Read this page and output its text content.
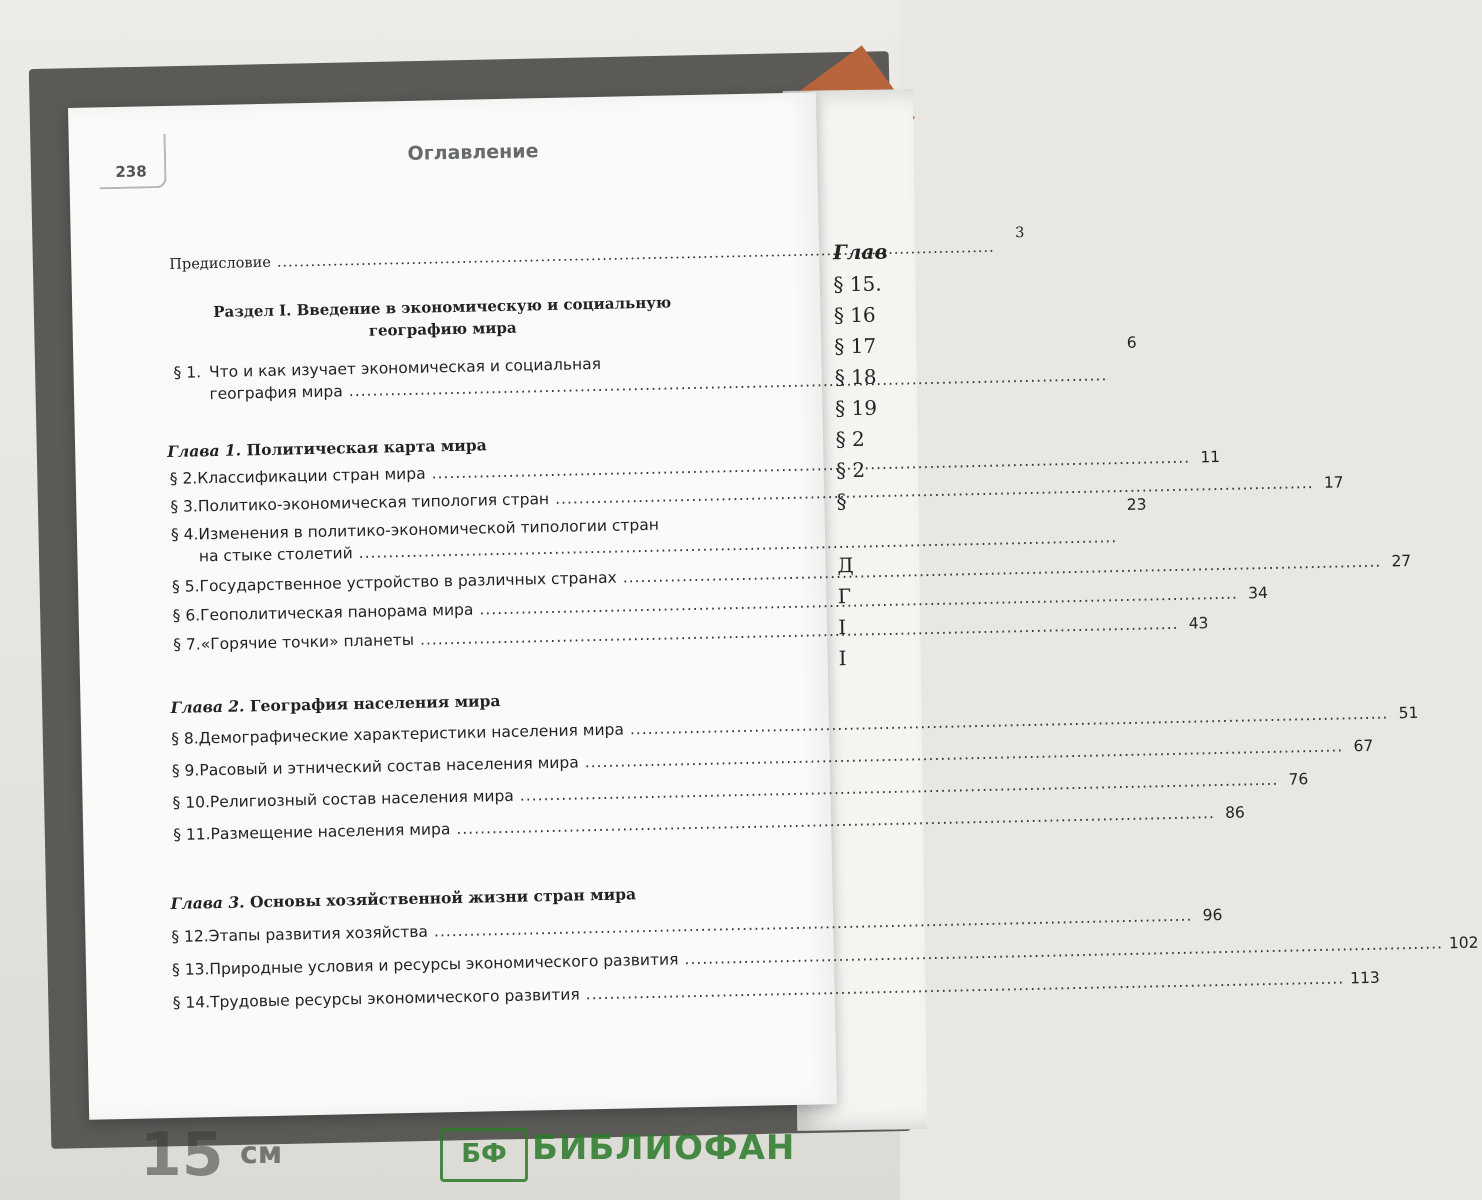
Глав
§ 15.
§ 16
§ 17
§ 18
§ 19
§ 2
§ 2
§
Д
Г
I
I
238
Оглавление
Предисловие
.....
3
Раздел I. Введение в экономическую и социальную
географию мира
§ 1. Что и как изучает экономическая и социальная
география мира
.....
6
Глава 1. Политическая карта мира
§ 2. Классификации стран мира
.....
11
§ 3. Политико-экономическая типология стран
.....
17
§ 4. Изменения в политико-экономической типологии стран
на стыке столетий
.....
23
§ 5. Государственное устройство в различных странах
.....
27
§ 6. Геополитическая панорама мира
.....
34
§ 7. «Горячие точки» планеты
.....
43
Глава 2. География населения мира
§ 8. Демографические характеристики населения мира
.....
51
§ 9. Расовый и этнический состав населения мира
.....
67
§ 10. Религиозный состав населения мира
.....
76
§ 11. Размещение населения мира
.....
86
Глава 3. Основы хозяйственной жизни стран мира
§ 12. Этапы развития хозяйства
.....
96
§ 13. Природные условия и ресурсы экономического развития
.....
102
§ 14. Трудовые ресурсы экономического развития
.....
113
15 см	БФ БИБЛИОФАН
